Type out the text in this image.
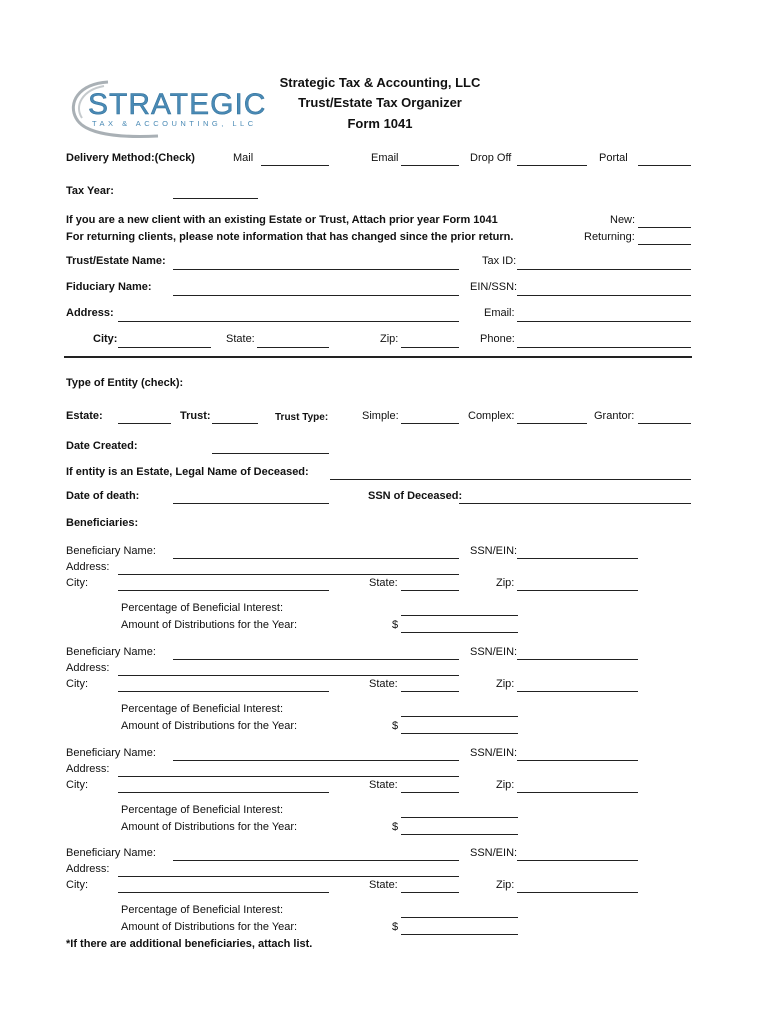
STRATEGIC
TAX & ACCOUNTING, LLC
Strategic Tax & Accounting, LLC
Trust/Estate Tax Organizer
Form 1041
Delivery Method:(Check)	Mail	Email	Drop Off	Portal
Tax Year:
If you are a new client with an existing Estate or Trust, Attach prior year Form 1041
For returning clients, please note information that has changed since the prior return.
New:
Returning:
Trust/Estate Name:	Tax ID:
Fiduciary Name:	EIN/SSN:
Address:	Email:
City:	State:	Zip:	Phone:
Type of Entity (check):
Estate:	Trust:	Trust Type:	Simple:	Complex:	Grantor:
Date Created:
If entity is an Estate, Legal Name of Deceased:
Date of death:	SSN of Deceased:
Beneficiaries:
Beneficiary Name:	SSN/EIN:
Address:
City:	State:	Zip:
Percentage of Beneficial Interest:
Amount of Distributions for the Year:	$
Beneficiary Name:	SSN/EIN:
Address:
City:	State:	Zip:
Percentage of Beneficial Interest:
Amount of Distributions for the Year:	$
Beneficiary Name:	SSN/EIN:
Address:
City:	State:	Zip:
Percentage of Beneficial Interest:
Amount of Distributions for the Year:	$
Beneficiary Name:	SSN/EIN:
Address:
City:	State:	Zip:
Percentage of Beneficial Interest:
Amount of Distributions for the Year:	$
*If there are additional beneficiaries, attach list.
